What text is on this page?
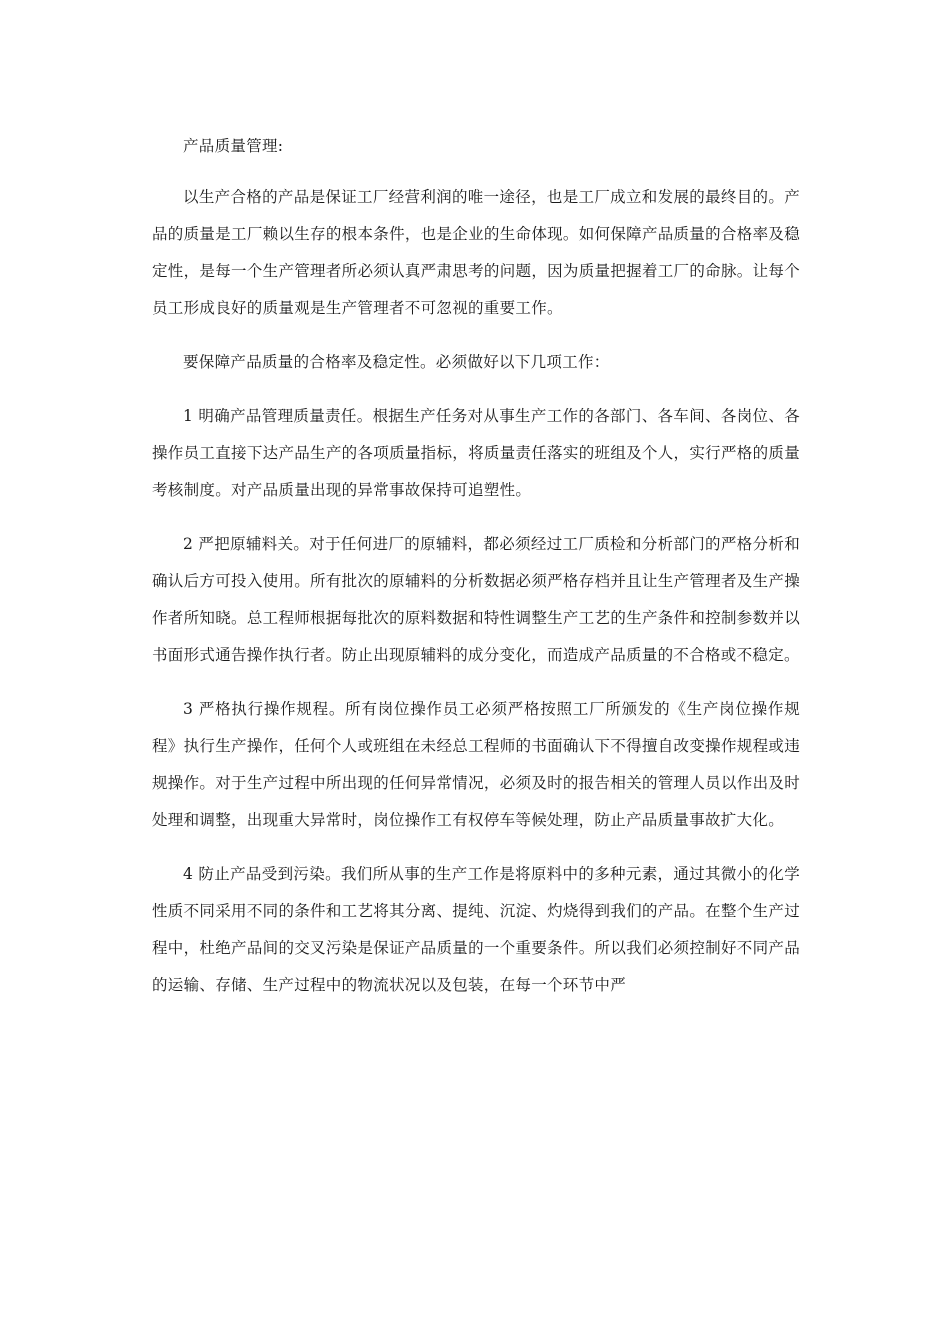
产品质量管理:

以生产合格的产品是保证工厂经营利润的唯一途径，也是工厂成立和发展的最终目的。产品的质量是工厂赖以生存的根本条件，也是企业的生命体现。如何保障产品质量的合格率及稳定性，是每一个生产管理者所必须认真严肃思考的问题，因为质量把握着工厂的命脉。让每个员工形成良好的质量观是生产管理者不可忽视的重要工作。

要保障产品质量的合格率及稳定性。必须做好以下几项工作：

1 明确产品管理质量责任。根据生产任务对从事生产工作的各部门、各车间、各岗位、各操作员工直接下达产品生产的各项质量指标，将质量责任落实的班组及个人，实行严格的质量考核制度。对产品质量出现的异常事故保持可追塑性。

2 严把原辅料关。对于任何进厂的原辅料，都必须经过工厂质检和分析部门的严格分析和确认后方可投入使用。所有批次的原辅料的分析数据必须严格存档并且让生产管理者及生产操作者所知晓。总工程师根据每批次的原料数据和特性调整生产工艺的生产条件和控制参数并以书面形式通告操作执行者。防止出现原辅料的成分变化，而造成产品质量的不合格或不稳定。

3 严格执行操作规程。所有岗位操作员工必须严格按照工厂所颁发的《生产岗位操作规程》执行生产操作，任何个人或班组在未经总工程师的书面确认下不得擅自改变操作规程或违规操作。对于生产过程中所出现的任何异常情况，必须及时的报告相关的管理人员以作出及时处理和调整，出现重大异常时，岗位操作工有权停车等候处理，防止产品质量事故扩大化。

4 防止产品受到污染。我们所从事的生产工作是将原料中的多种元素，通过其微小的化学性质不同采用不同的条件和工艺将其分离、提纯、沉淀、灼烧得到我们的产品。在整个生产过程中，杜绝产品间的交叉污染是保证产品质量的一个重要条件。所以我们必须控制好不同产品的运输、存储、生产过程中的物流状况以及包装，在每一个环节中严
